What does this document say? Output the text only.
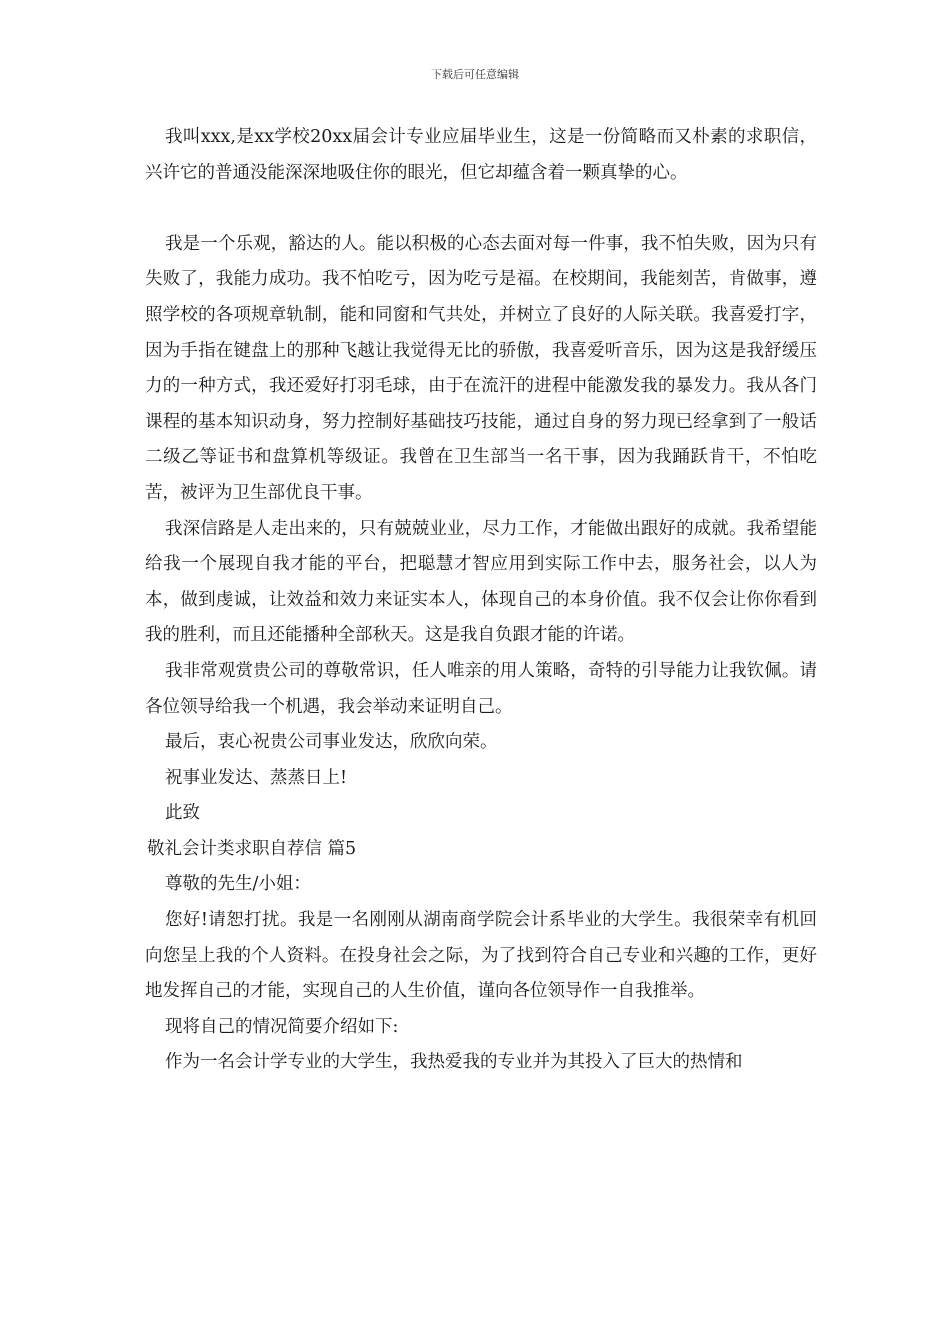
下载后可任意编辑

我叫xxx,是xx学校20xx届会计专业应届毕业生，这是一份简略而又朴素的求职信，兴许它的普通没能深深地吸住你的眼光，但它却蕴含着一颗真挚的心。

我是一个乐观，豁达的人。能以积极的心态去面对每一件事，我不怕失败，因为只有失败了，我能力成功。我不怕吃亏，因为吃亏是福。在校期间，我能刻苦，肯做事，遵照学校的各项规章轨制，能和同窗和气共处，并树立了良好的人际关联。我喜爱打字，因为手指在键盘上的那种飞越让我觉得无比的骄傲，我喜爱听音乐，因为这是我舒缓压力的一种方式，我还爱好打羽毛球，由于在流汗的进程中能激发我的暴发力。我从各门课程的基本知识动身，努力控制好基础技巧技能，通过自身的努力现已经拿到了一般话二级乙等证书和盘算机等级证。我曾在卫生部当一名干事，因为我踊跃肯干，不怕吃苦，被评为卫生部优良干事。

我深信路是人走出来的，只有兢兢业业，尽力工作，才能做出跟好的成就。我希望能给我一个展现自我才能的平台，把聪慧才智应用到实际工作中去，服务社会，以人为本，做到虔诚，让效益和效力来证实本人，体现自己的本身价值。我不仅会让你你看到我的胜利，而且还能播种全部秋天。这是我自负跟才能的许诺。

我非常观赏贵公司的尊敬常识，任人唯亲的用人策略，奇特的引导能力让我钦佩。请各位领导给我一个机遇，我会举动来证明自己。

最后，衷心祝贵公司事业发达，欣欣向荣。

祝事业发达、蒸蒸日上!

此致

敬礼会计类求职自荐信 篇5

尊敬的先生/小姐：

您好!请恕打扰。我是一名刚刚从湖南商学院会计系毕业的大学生。我很荣幸有机回向您呈上我的个人资料。在投身社会之际，为了找到符合自己专业和兴趣的工作，更好地发挥自己的才能，实现自己的人生价值，谨向各位领导作一自我推举。

现将自己的情况简要介绍如下:

作为一名会计学专业的大学生，我热爱我的专业并为其投入了巨大的热情和
